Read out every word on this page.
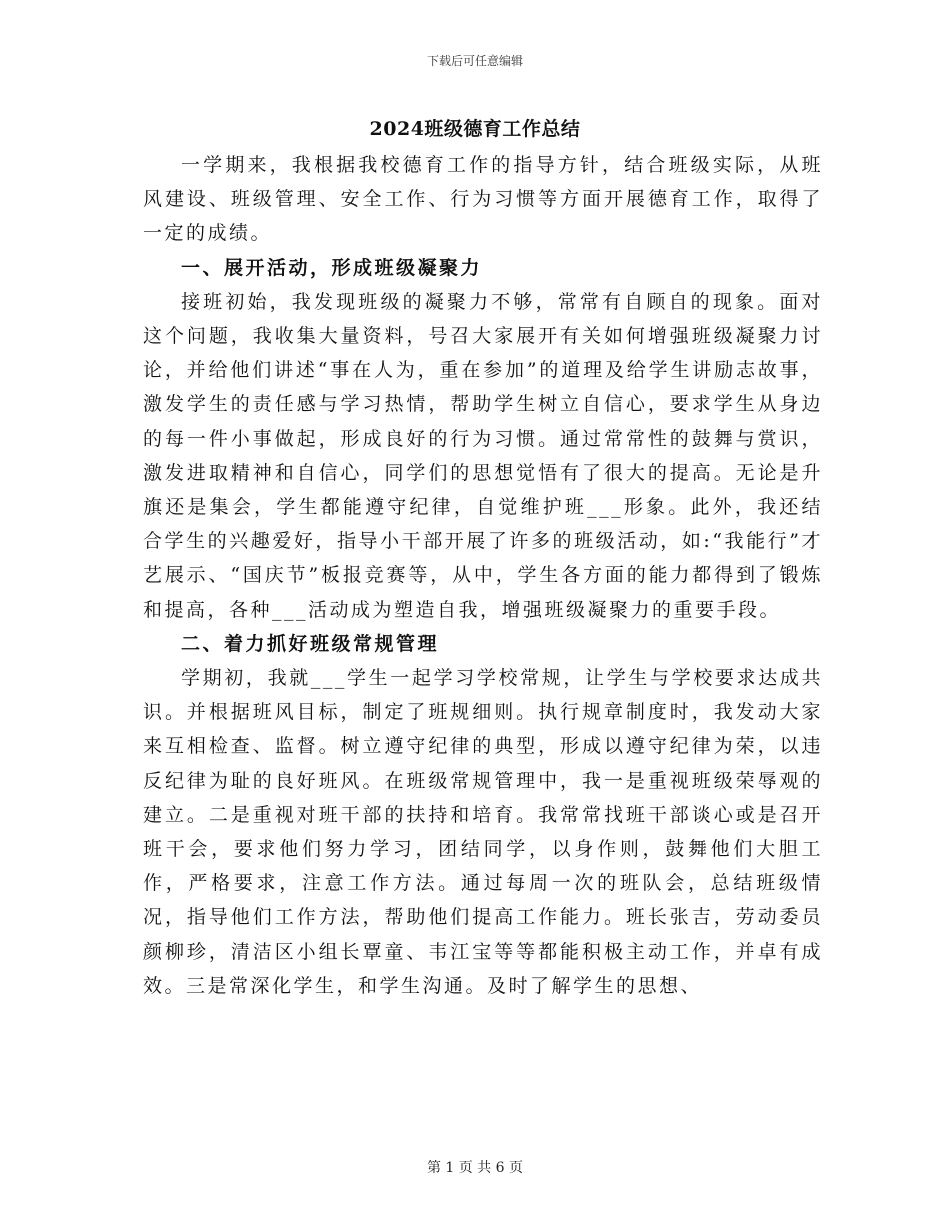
下载后可任意编辑
2024班级德育工作总结

一学期来，我根据我校德育工作的指导方针，结合班级实际，从班风建设、班级管理、安全工作、行为习惯等方面开展德育工作，取得了一定的成绩。

一、展开活动，形成班级凝聚力

接班初始，我发现班级的凝聚力不够，常常有自顾自的现象。面对这个问题，我收集大量资料，号召大家展开有关如何增强班级凝聚力讨论，并给他们讲述“事在人为，重在参加”的道理及给学生讲励志故事，激发学生的责任感与学习热情，帮助学生树立自信心，要求学生从身边的每一件小事做起，形成良好的行为习惯。通过常常性的鼓舞与赏识，激发进取精神和自信心，同学们的思想觉悟有了很大的提高。无论是升旗还是集会，学生都能遵守纪律，自觉维护班___形象。此外，我还结合学生的兴趣爱好，指导小干部开展了许多的班级活动，如:“我能行”才艺展示、“国庆节”板报竞赛等，从中，学生各方面的能力都得到了锻炼和提高，各种___活动成为塑造自我，增强班级凝聚力的重要手段。

二、着力抓好班级常规管理

学期初，我就___学生一起学习学校常规，让学生与学校要求达成共识。并根据班风目标，制定了班规细则。执行规章制度时，我发动大家来互相检查、监督。树立遵守纪律的典型，形成以遵守纪律为荣，以违反纪律为耻的良好班风。在班级常规管理中，我一是重视班级荣辱观的建立。二是重视对班干部的扶持和培育。我常常找班干部谈心或是召开班干会，要求他们努力学习，团结同学，以身作则，鼓舞他们大胆工作，严格要求，注意工作方法。通过每周一次的班队会，总结班级情况，指导他们工作方法，帮助他们提高工作能力。班长张吉，劳动委员颜柳珍，清洁区小组长覃童、韦江宝等等都能积极主动工作，并卓有成效。三是常深化学生，和学生沟通。及时了解学生的思想、

第 1 页 共 6 页
